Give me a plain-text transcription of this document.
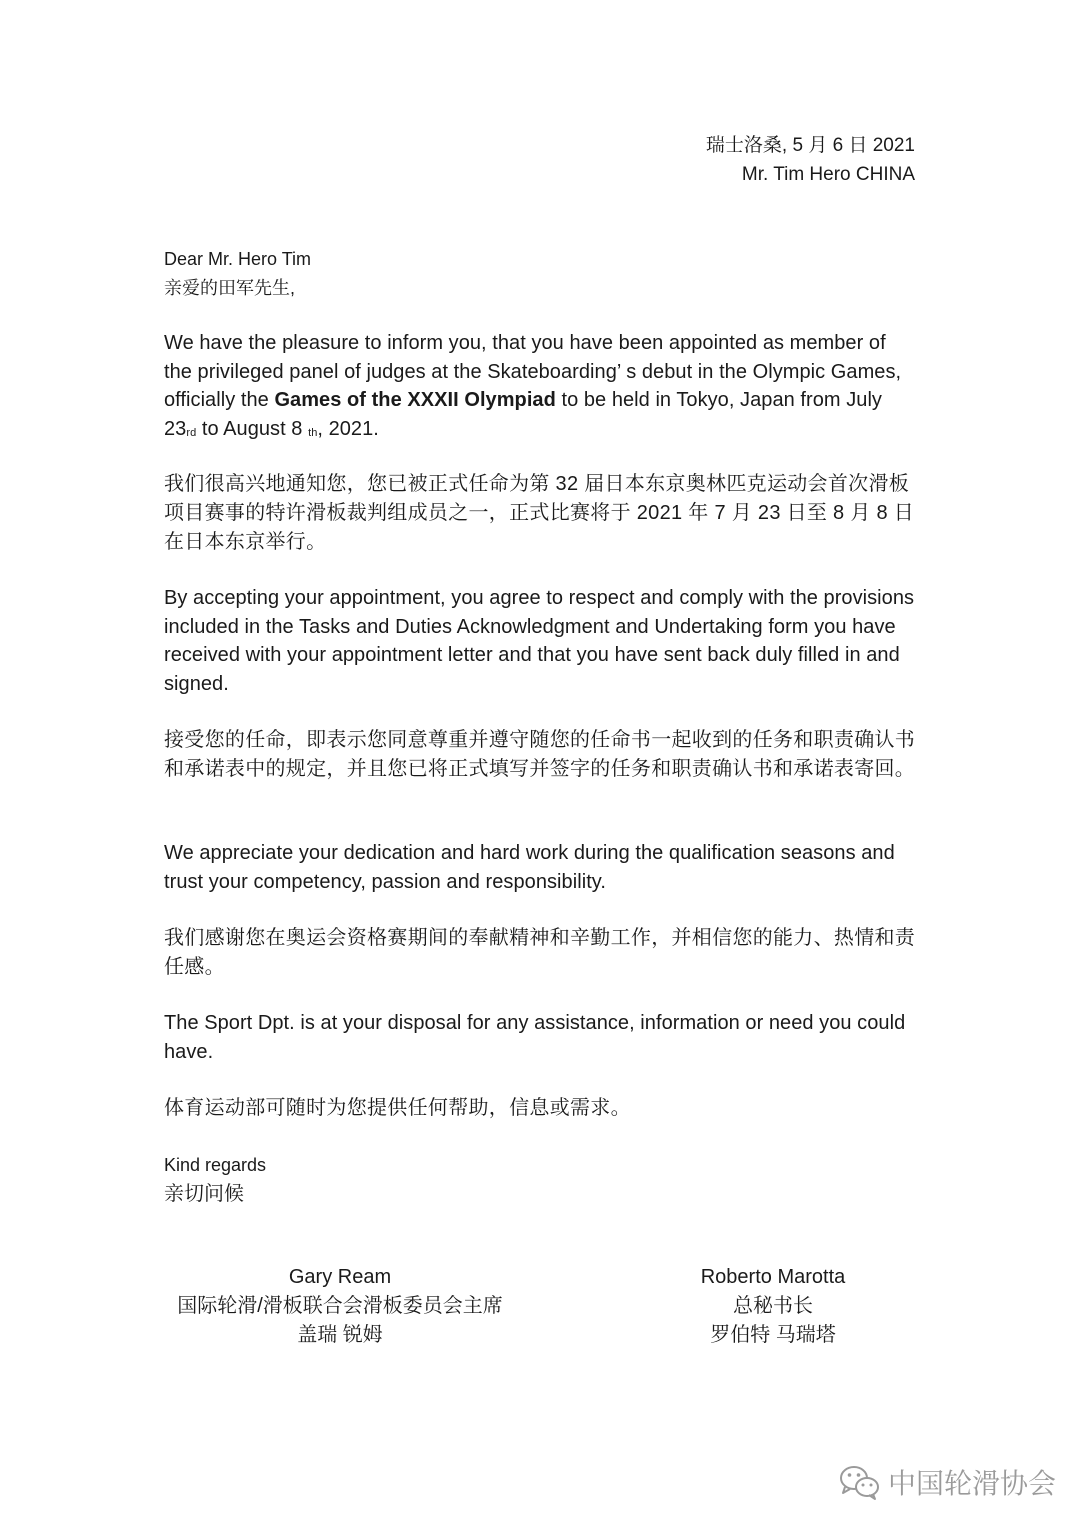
瑞士洛桑, 5 月 6 日 2021
Mr. Tim Hero CHINA
Dear Mr. Hero Tim
亲爱的田军先生,

We have the pleasure to inform you, that you have been appointed as member of the privileged panel of judges at the Skateboarding’ s debut in the Olympic Games, officially the Games of the XXXII Olympiad to be held in Tokyo, Japan from July 23rd to August 8 th, 2021.

我们很高兴地通知您，您已被正式任命为第 32 届日本东京奥林匹克运动会首次滑板项目赛事的特许滑板裁判组成员之一，正式比赛将于 2021 年 7 月 23 日至 8 月 8 日在日本东京举行。

By accepting your appointment, you agree to respect and comply with the provisions included in the Tasks and Duties Acknowledgment and Undertaking form you have received with your appointment letter and that you have sent back duly filled in and signed.

接受您的任命，即表示您同意尊重并遵守随您的任命书一起收到的任务和职责确认书和承诺表中的规定，并且您已将正式填写并签字的任务和职责确认书和承诺表寄回。

We appreciate your dedication and hard work during the qualification seasons and trust your competency, passion and responsibility.

我们感谢您在奥运会资格赛期间的奉献精神和辛勤工作，并相信您的能力、热情和责任感。

The Sport Dpt. is at your disposal for any assistance, information or need you could have.

体育运动部可随时为您提供任何帮助，信息或需求。

Kind regards
亲切问候
Gary Ream
国际轮滑/滑板联合会滑板委员会主席
盖瑞 锐姆
Roberto Marotta
总秘书长
罗伯特 马瑞塔
中国轮滑协会
